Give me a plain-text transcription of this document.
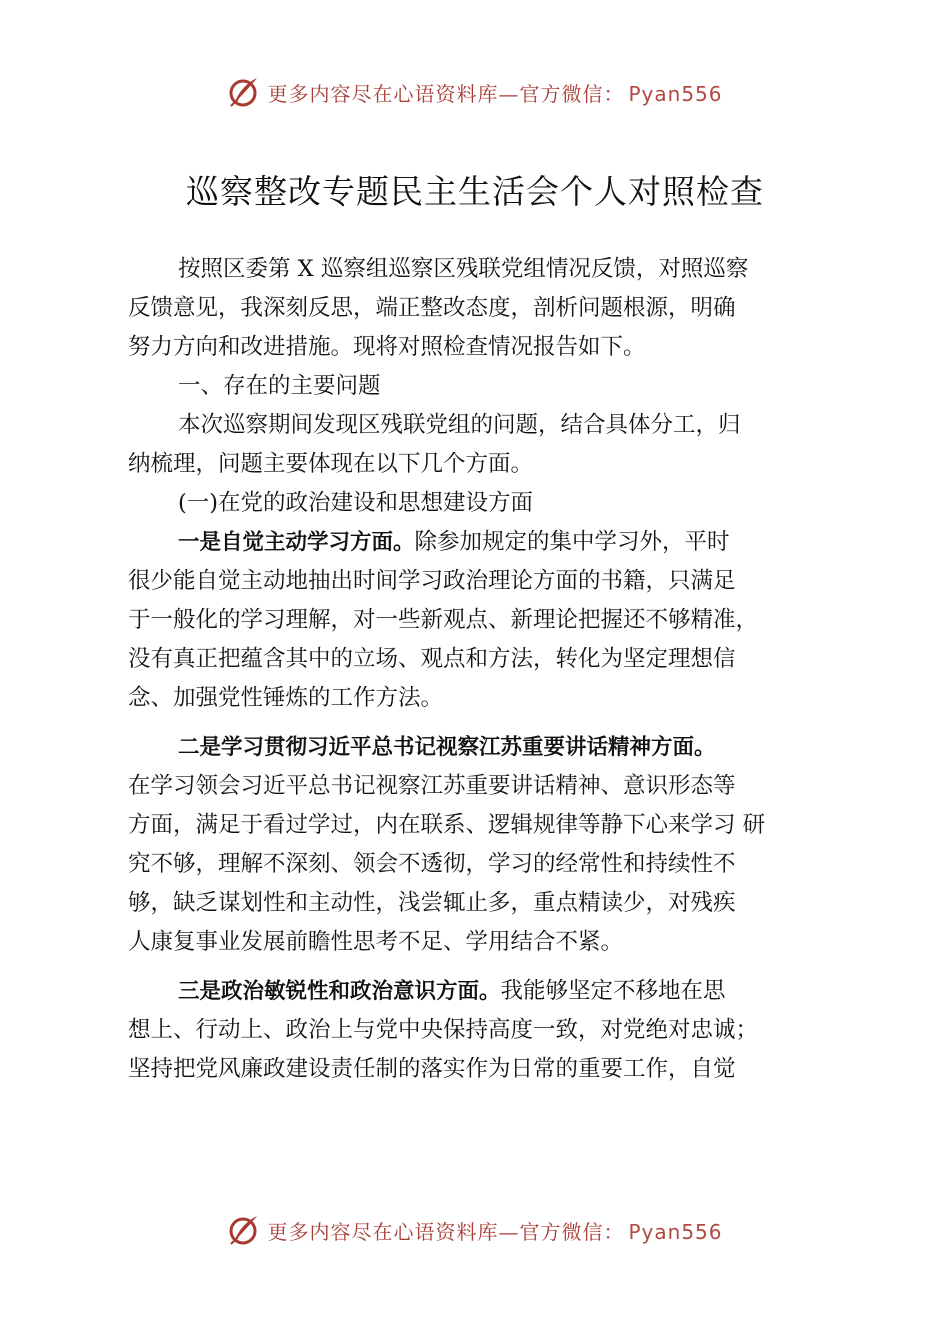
更多内容尽在心语资料库—官方微信： Pyan556
巡察整改专题民主生活会个人对照检查
按照区委第 X 巡察组巡察区残联党组情况反馈，对照巡察
反馈意见，我深刻反思，端正整改态度，剖析问题根源，明确
努力方向和改进措施。现将对照检查情况报告如下。
一、存在的主要问题
本次巡察期间发现区残联党组的问题，结合具体分工，归
纳梳理，问题主要体现在以下几个方面。
(一)在党的政治建设和思想建设方面
一是自觉主动学习方面。除参加规定的集中学习外，平时
很少能自觉主动地抽出时间学习政治理论方面的书籍，只满足
于一般化的学习理解，对一些新观点、新理论把握还不够精准，
没有真正把蕴含其中的立场、观点和方法，转化为坚定理想信
念、加强党性锤炼的工作方法。
二是学习贯彻习近平总书记视察江苏重要讲话精神方面。
在学习领会习近平总书记视察江苏重要讲话精神、意识形态等
方面，满足于看过学过，内在联系、逻辑规律等静下心来学习 研
究不够，理解不深刻、领会不透彻，学习的经常性和持续性不
够，缺乏谋划性和主动性，浅尝辄止多，重点精读少，对残疾
人康复事业发展前瞻性思考不足、学用结合不紧。
三是政治敏锐性和政治意识方面。我能够坚定不移地在思
想上、行动上、政治上与党中央保持高度一致，对党绝对忠诚；
坚持把党风廉政建设责任制的落实作为日常的重要工作，自觉
更多内容尽在心语资料库—官方微信： Pyan556
